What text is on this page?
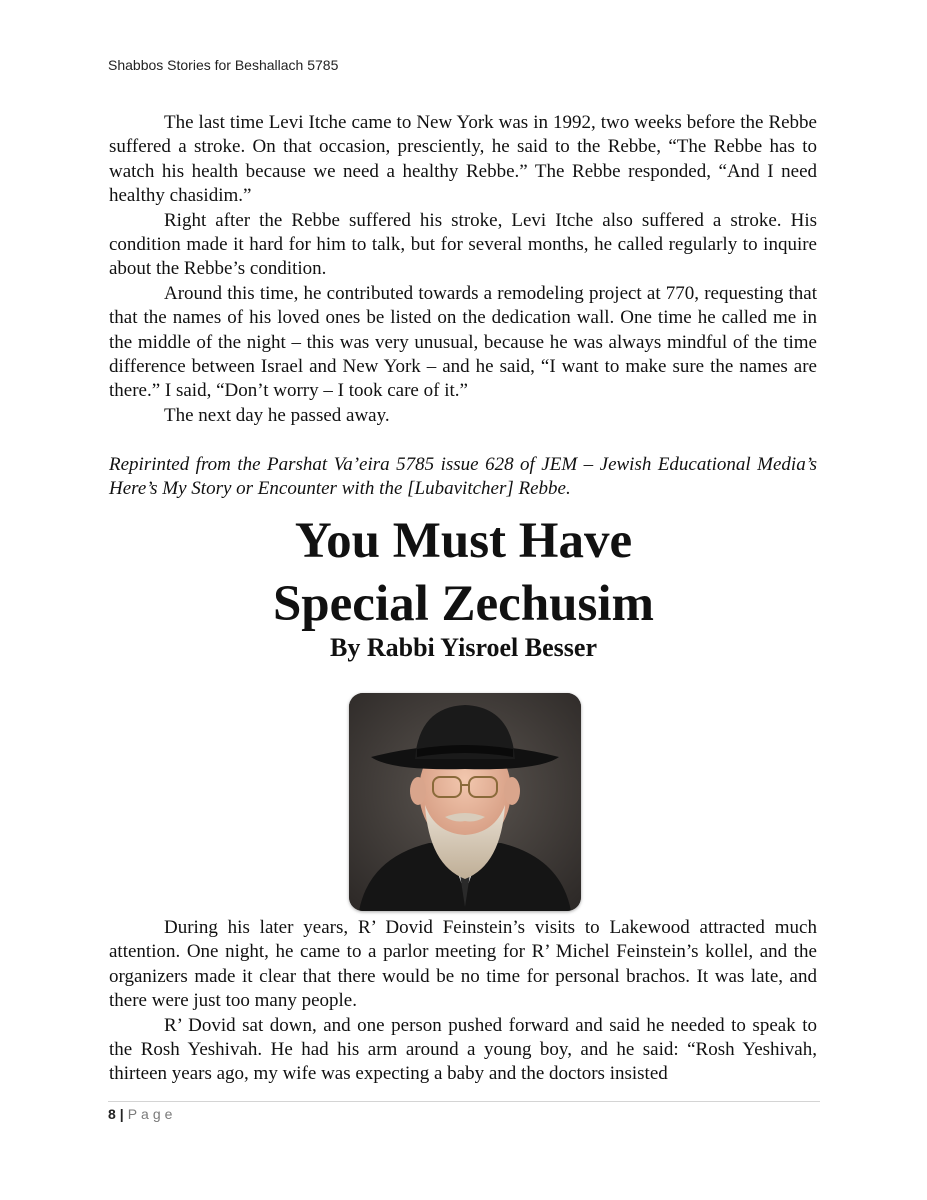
Shabbos Stories for Beshallach 5785

The last time Levi Itche came to New York was in 1992, two weeks before the Rebbe suffered a stroke. On that occasion, presciently, he said to the Rebbe, “The Rebbe has to watch his health because we need a healthy Rebbe.” The Rebbe responded, “And I need healthy chasidim.”

Right after the Rebbe suffered his stroke, Levi Itche also suffered a stroke. His condition made it hard for him to talk, but for several months, he called regularly to inquire about the Rebbe’s condition.

Around this time, he contributed towards a remodeling project at 770, requesting that that the names of his loved ones be listed on the dedication wall. One time he called me in the middle of the night – this was very unusual, because he was always mindful of the time difference between Israel and New York – and he said, “I want to make sure the names are there.” I said, “Don’t worry – I took care of it.”

The next day he passed away.

Repirinted from the Parshat Va’eira 5785 issue 628 of JEM – Jewish Educational Media’s Here’s My Story or Encounter with the [Lubavitcher] Rebbe.

You Must Have
Special Zechusim
By Rabbi Yisroel Besser

During his later years, R’ Dovid Feinstein’s visits to Lakewood attracted much attention. One night, he came to a parlor meeting for R’ Michel Feinstein’s kollel, and the organizers made it clear that there would be no time for personal brachos. It was late, and there were just too many people.

R’ Dovid sat down, and one person pushed forward and said he needed to speak to the Rosh Yeshivah. He had his arm around a young boy, and he said: “Rosh Yeshivah, thirteen years ago, my wife was expecting a baby and the doctors insisted

8 | Page
